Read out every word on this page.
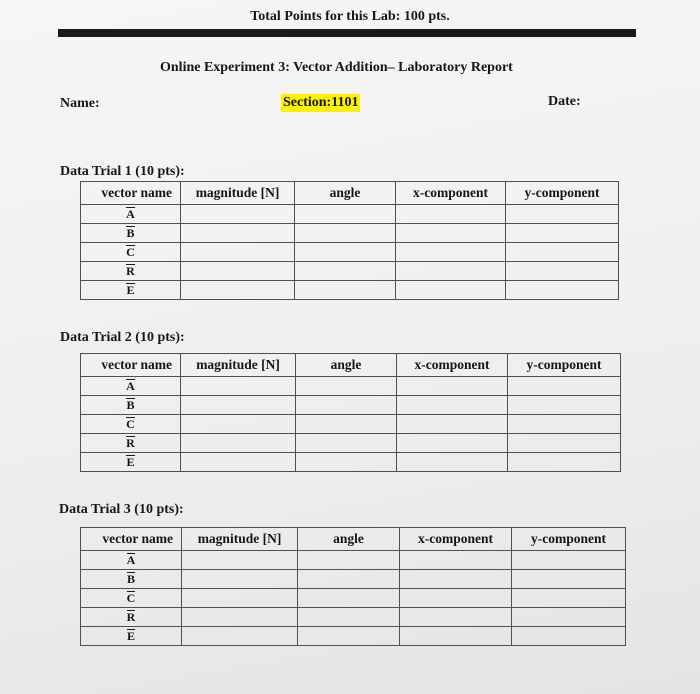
Total Points for this Lab: 100 pts.
Online Experiment 3: Vector Addition– Laboratory Report
Name:	Section:1101	Date:
Data Trial 1 (10 pts):
vector name	magnitude [N]	angle	x-component	y-component
A				
B				
C				
R				
E				
Data Trial 2 (10 pts):
vector name	magnitude [N]	angle	x-component	y-component
A				
B				
C				
R				
E				
Data Trial 3 (10 pts):
vector name	magnitude [N]	angle	x-component	y-component
A				
B				
C				
R				
E				
